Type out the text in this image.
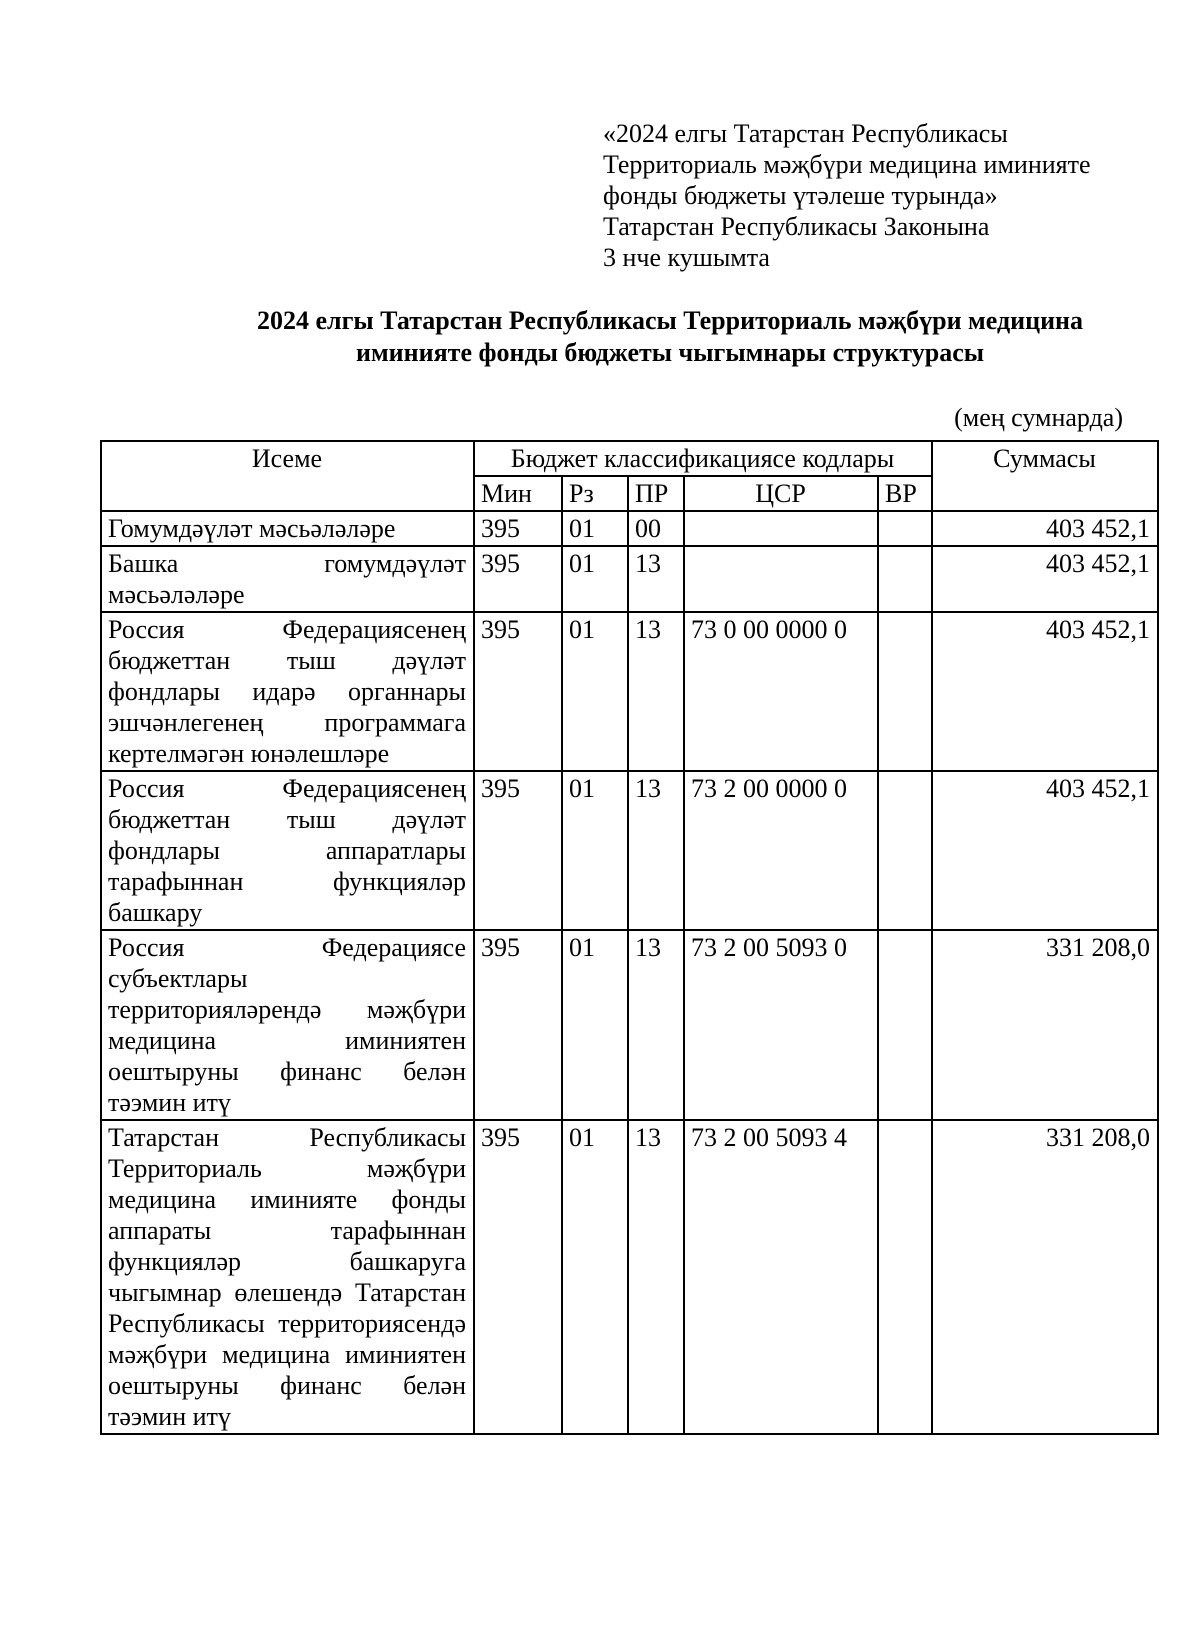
«2024 елгы Татарстан Республикасы
Территориаль мәҗбүри медицина иминияте
фонды бюджеты үтәлеше турында»
Татарстан Республикасы Законына
3 нче кушымта
2024 елгы Татарстан Республикасы Территориаль мәҗбүри медицина
иминияте фонды бюджеты чыгымнары структурасы
(мең сумнарда)
Исеме	Бюджет классификациясе кодлары					Суммасы
	Мин	Рз	ПР	ЦСР	ВР	
Гомумдәүләт мәсьәләләре	395	01	00			403 452,1
Башка гомумдәүләт мәсьәләләре	395	01	13			403 452,1
Россия Федерациясенең бюджеттан тыш дәүләт фондлары идарә органнары эшчәнлегенең программага кертелмәгән юнәлешләре	395	01	13	73 0 00 0000 0		403 452,1
Россия Федерациясенең бюджеттан тыш дәүләт фондлары аппаратлары тарафыннан функцияләр башкару	395	01	13	73 2 00 0000 0		403 452,1
Россия Федерациясе субъектлары территорияләрендә мәҗбүри медицина иминиятен оештыруны финанс белән тәэмин итү	395	01	13	73 2 00 5093 0		331 208,0
Татарстан Республикасы Территориаль мәҗбүри медицина иминияте фонды аппараты тарафыннан функцияләр башкаруга чыгымнар өлешендә Татарстан Республикасы территориясендә мәҗбүри медицина иминиятен оештыруны финанс белән тәэмин итү	395	01	13	73 2 00 5093 4		331 208,0
